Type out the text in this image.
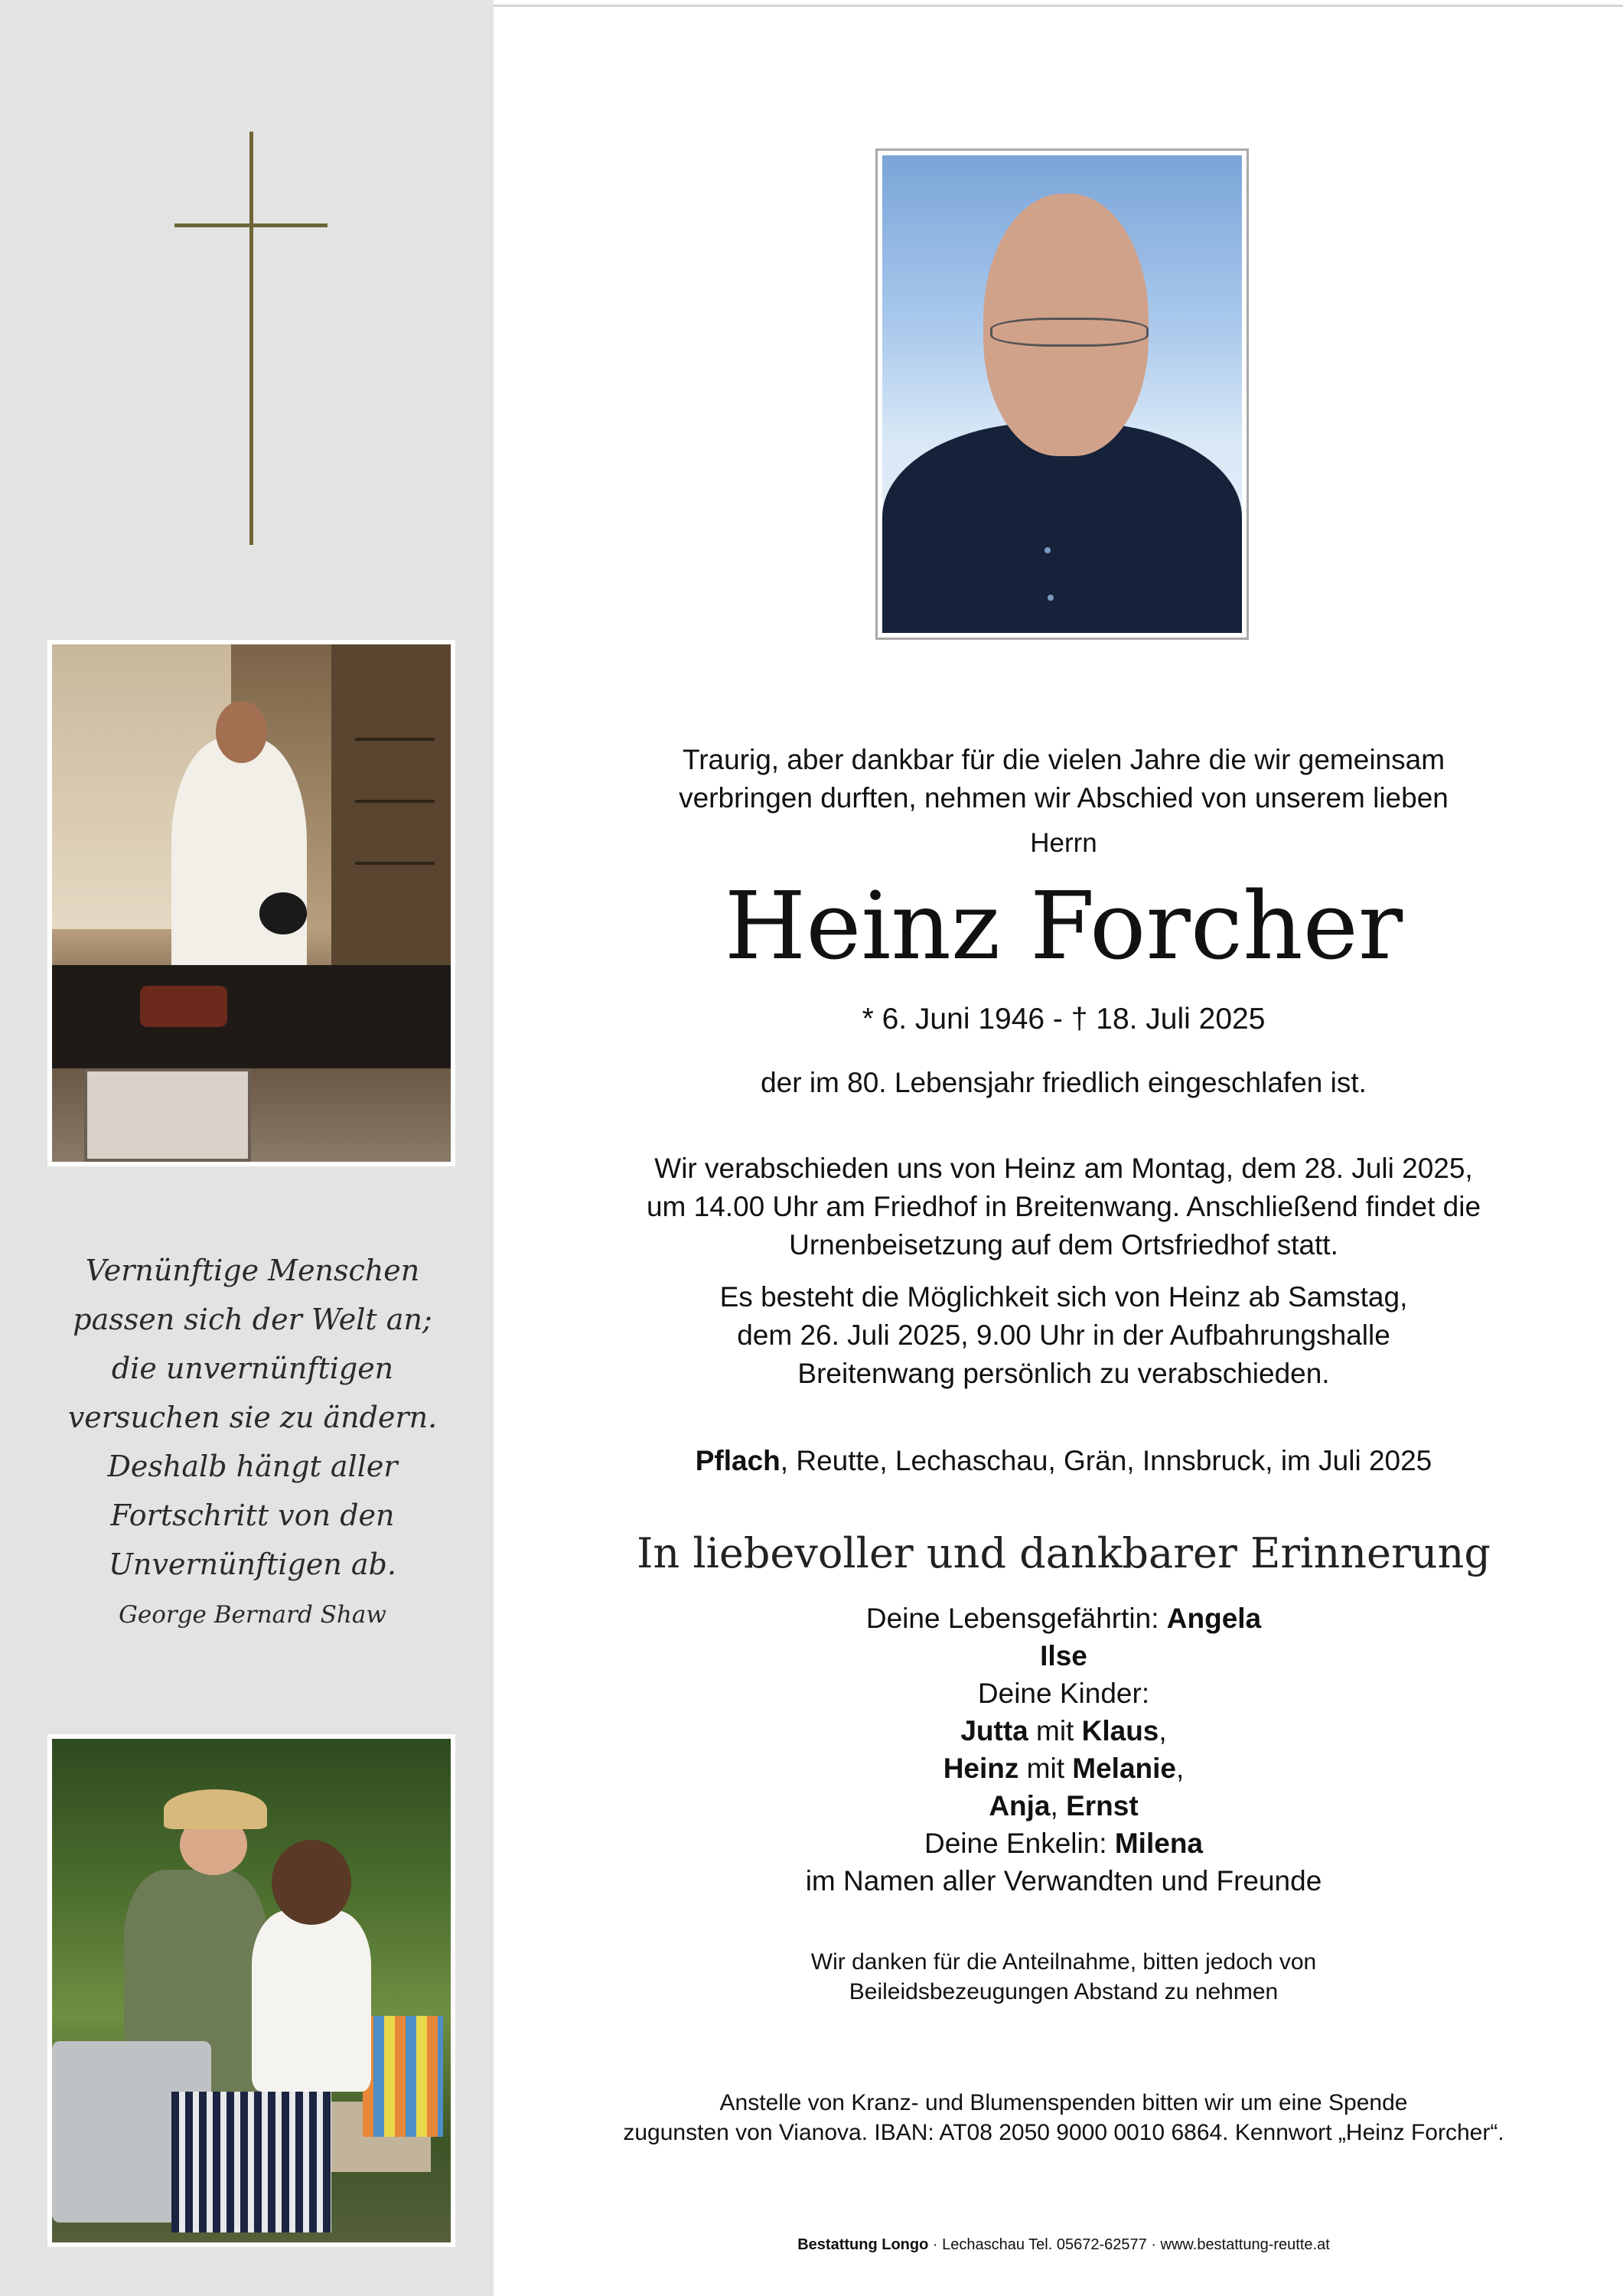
Vernünftige Menschen
passen sich der Welt an;
die unvernünftigen
versuchen sie zu ändern.
Deshalb hängt aller
Fortschritt von den
Unvernünftigen ab.
George Bernard Shaw
Traurig, aber dankbar für die vielen Jahre die wir gemeinsam
verbringen durften, nehmen wir Abschied von unserem lieben
Herrn
Heinz Forcher
* 6. Juni 1946 - † 18. Juli 2025
der im 80. Lebensjahr friedlich eingeschlafen ist.
Wir verabschieden uns von Heinz am Montag, dem 28. Juli 2025,
um 14.00 Uhr am Friedhof in Breitenwang. Anschließend findet die
Urnenbeisetzung auf dem Ortsfriedhof statt.
Es besteht die Möglichkeit sich von Heinz ab Samstag,
dem 26. Juli 2025, 9.00 Uhr in der Aufbahrungshalle
Breitenwang persönlich zu verabschieden.
Pflach, Reutte, Lechaschau, Grän, Innsbruck, im Juli 2025
In liebevoller und dankbarer Erinnerung
Deine Lebensgefährtin: Angela
Ilse
Deine Kinder:
Jutta mit Klaus,
Heinz mit Melanie,
Anja, Ernst
Deine Enkelin: Milena
im Namen aller Verwandten und Freunde
Wir danken für die Anteilnahme, bitten jedoch von
Beileidsbezeugungen Abstand zu nehmen
Anstelle von Kranz- und Blumenspenden bitten wir um eine Spende
zugunsten von Vianova. IBAN: AT08 2050 9000 0010 6864. Kennwort „Heinz Forcher“.
Bestattung Longo · Lechaschau Tel. 05672-62577 · www.bestattung-reutte.at
